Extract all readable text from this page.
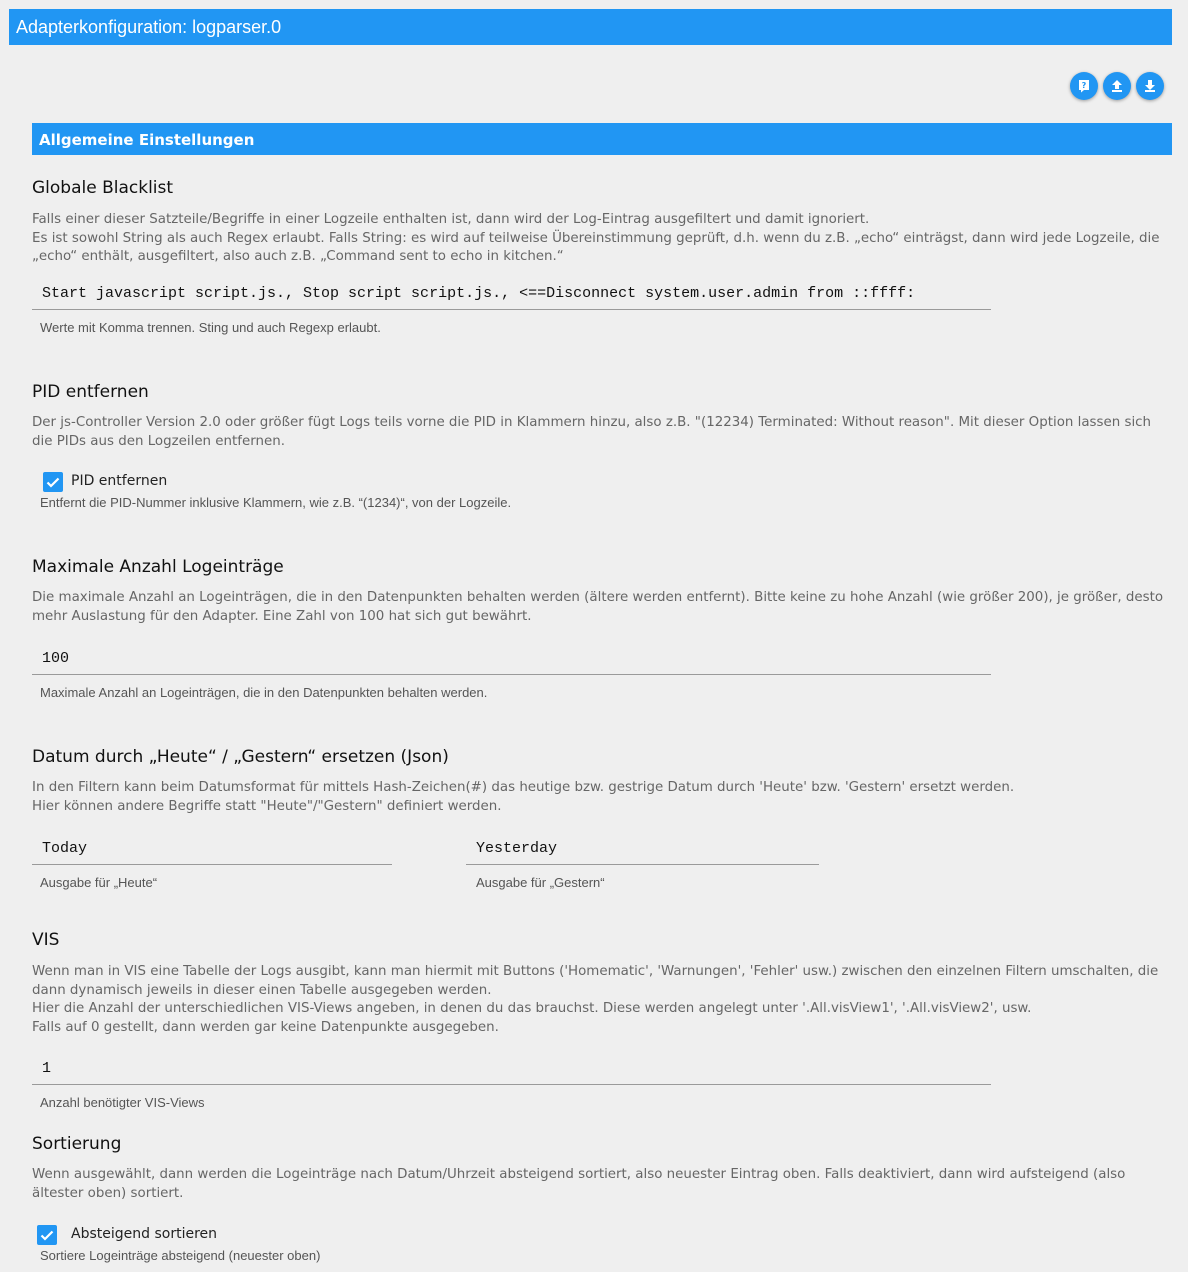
Adapterkonfiguration: logparser.0
?
Allgemeine Einstellungen
Globale Blacklist
Falls einer dieser Satzteile/Begriffe in einer Logzeile enthalten ist, dann wird der Log-Eintrag ausgefiltert und damit ignoriert.
Es ist sowohl String als auch Regex erlaubt. Falls String: es wird auf teilweise Übereinstimmung geprüft, d.h. wenn du z.B. „echo“ einträgst, dann wird jede Logzeile, die „echo“ enthält, ausgefiltert, also auch z.B. „Command sent to echo in kitchen.“
Start javascript script.js., Stop script script.js., <==Disconnect system.user.admin from ::ffff:
Werte mit Komma trennen. Sting und auch Regexp erlaubt.
PID entfernen
Der js-Controller Version 2.0 oder größer fügt Logs teils vorne die PID in Klammern hinzu, also z.B. "(12234) Terminated: Without reason". Mit dieser Option lassen sich die PIDs aus den Logzeilen entfernen.
PID entfernen
Entfernt die PID-Nummer inklusive Klammern, wie z.B. “(1234)“, von der Logzeile.
Maximale Anzahl Logeinträge
Die maximale Anzahl an Logeinträgen, die in den Datenpunkten behalten werden (ältere werden entfernt). Bitte keine zu hohe Anzahl (wie größer 200), je größer, desto mehr Auslastung für den Adapter. Eine Zahl von 100 hat sich gut bewährt.
100
Maximale Anzahl an Logeinträgen, die in den Datenpunkten behalten werden.
Datum durch „Heute“ / „Gestern“ ersetzen (Json)
In den Filtern kann beim Datumsformat für mittels Hash-Zeichen(#) das heutige bzw. gestrige Datum durch 'Heute' bzw. 'Gestern' ersetzt werden.
Hier können andere Begriffe statt "Heute"/"Gestern" definiert werden.
Today
Ausgabe für „Heute“
Yesterday	Ausgabe für „Gestern“
VIS
Wenn man in VIS eine Tabelle der Logs ausgibt, kann man hiermit mit Buttons ('Homematic', 'Warnungen', 'Fehler' usw.) zwischen den einzelnen Filtern umschalten, die dann dynamisch jeweils in dieser einen Tabelle ausgegeben werden.
Hier die Anzahl der unterschiedlichen VIS-Views angeben, in denen du das brauchst. Diese werden angelegt unter '.All.visView1', '.All.visView2', usw.
Falls auf 0 gestellt, dann werden gar keine Datenpunkte ausgegeben.
1
Anzahl benötigter VIS-Views
Sortierung
Wenn ausgewählt, dann werden die Logeinträge nach Datum/Uhrzeit absteigend sortiert, also neuester Eintrag oben. Falls deaktiviert, dann wird aufsteigend (also ältester oben) sortiert.
Absteigend sortieren
Sortiere Logeinträge absteigend (neuester oben)
